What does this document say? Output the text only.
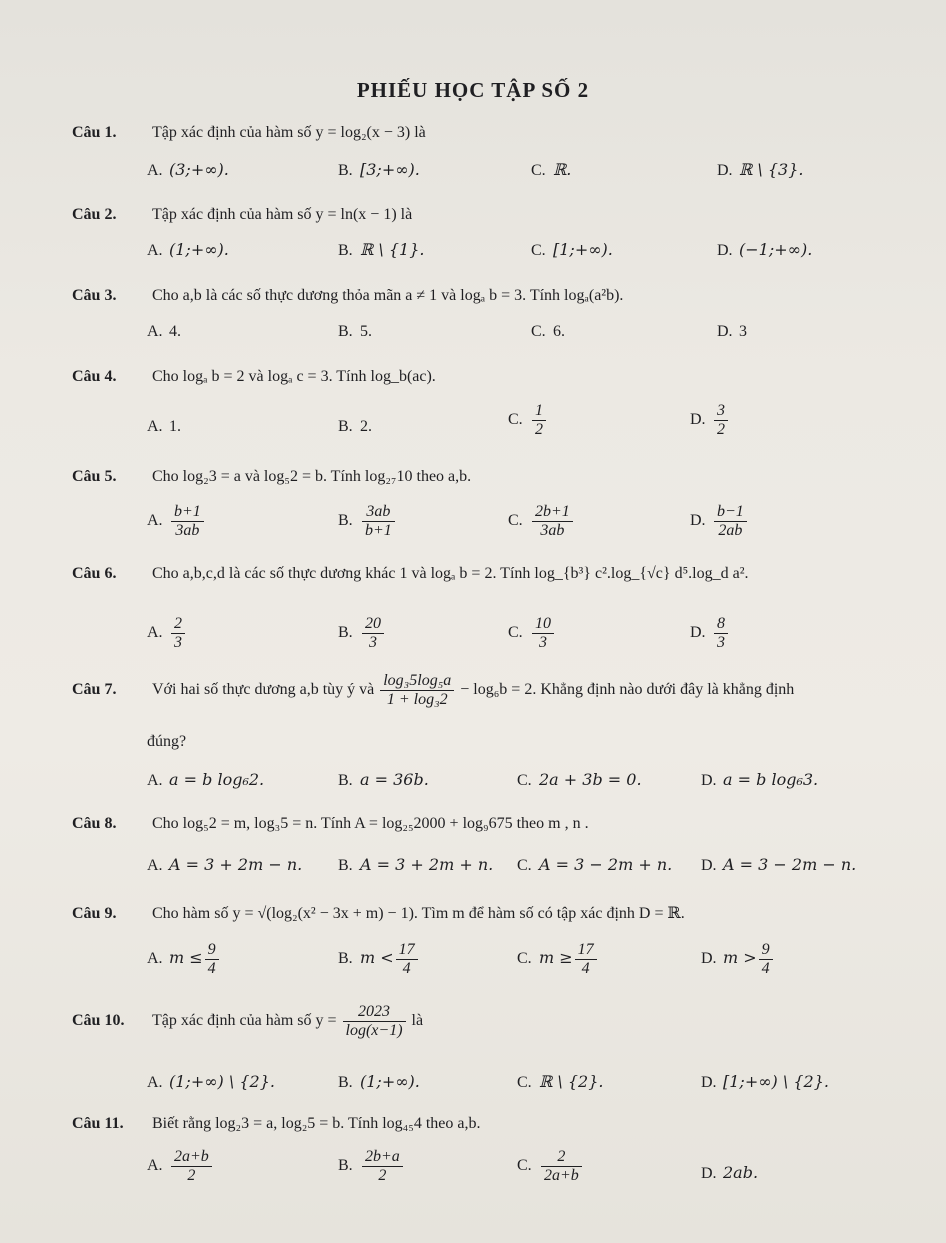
PHIẾU HỌC TẬP SỐ 2
Câu 1. Tập xác định của hàm số y = log₂(x − 3) là
A. (3;+∞).	B. [3;+∞).	C. ℝ.	D. ℝ \ {3}.
Câu 2. Tập xác định của hàm số y = ln(x − 1) là
A. (1;+∞).	B. ℝ \ {1}.	C. [1;+∞).	D. (−1;+∞).
Câu 3. Cho a,b là các số thực dương thỏa mãn a ≠ 1 và logₐ b = 3. Tính logₐ(a²b).
A. 4.	B. 5.	C. 6.	D. 3
Câu 4. Cho logₐ b = 2 và logₐ c = 3. Tính log_b(ac).
A. 1.	B. 2.	C. $\frac{1}{2}$	D. $\frac{3}{2}$
Câu 5. Cho log₂3 = a và log₅2 = b. Tính log₂₇10 theo a,b.
A. $\frac{b+1}{3ab}$	B. $\frac{3ab}{b+1}$	C. $\frac{2b+1}{3ab}$	D. $\frac{b-1}{2ab}$
Câu 6. Cho a,b,c,d là các số thực dương khác 1 và logₐ b = 2. Tính log_{b³} c².log_{√c} d⁵.log_d a².
A. $\frac{2}{3}$	B. $\frac{20}{3}$	C. $\frac{10}{3}$	D. $\frac{8}{3}$
Câu 7. Với hai số thực dương a,b tùy ý và $\frac{\text{log₃5log₅a}}{\text{1 + log₃2}} - \log_6b = 2$. Khẳng định nào dưới đây là khẳng định
đúng?
A. a = b log₆2.	B. a = 36b.	C. 2a + 3b = 0.	D. a = b log₆3.
Câu 8. Cho log₅2 = m, log₃5 = n. Tính A = log₂₅2000 + log₉675 theo m , n .
A. A = 3 + 2m − n. B. A = 3 + 2m + n. C. A = 3 − 2m + n. D. A = 3 − 2m − n.
Câu 9. Cho hàm số y = √(log₂(x² − 3x + m) − 1). Tìm m để hàm số có tập xác định D = ℝ.
A. $m \le \frac{9}{4}$	B. $m < \frac{17}{4}$	C. $m \ge \frac{17}{4}$	D. $m > \frac{9}{4}$
Câu 10. Tập xác định của hàm số $y = \frac{2023}{\log(x-1)}$ là
A. (1;+∞) \ {2}.	B. (1;+∞).	C. ℝ \ {2}.	D. [1;+∞) \ {2}.
Câu 11. Biết rằng log₂3 = a, log₂5 = b. Tính log₄₅4 theo a,b.
A. $\frac{2a+b}{2}$	B. $\frac{2b+a}{2}$	C. $\frac{2}{2a+b}$	D. 2ab.
